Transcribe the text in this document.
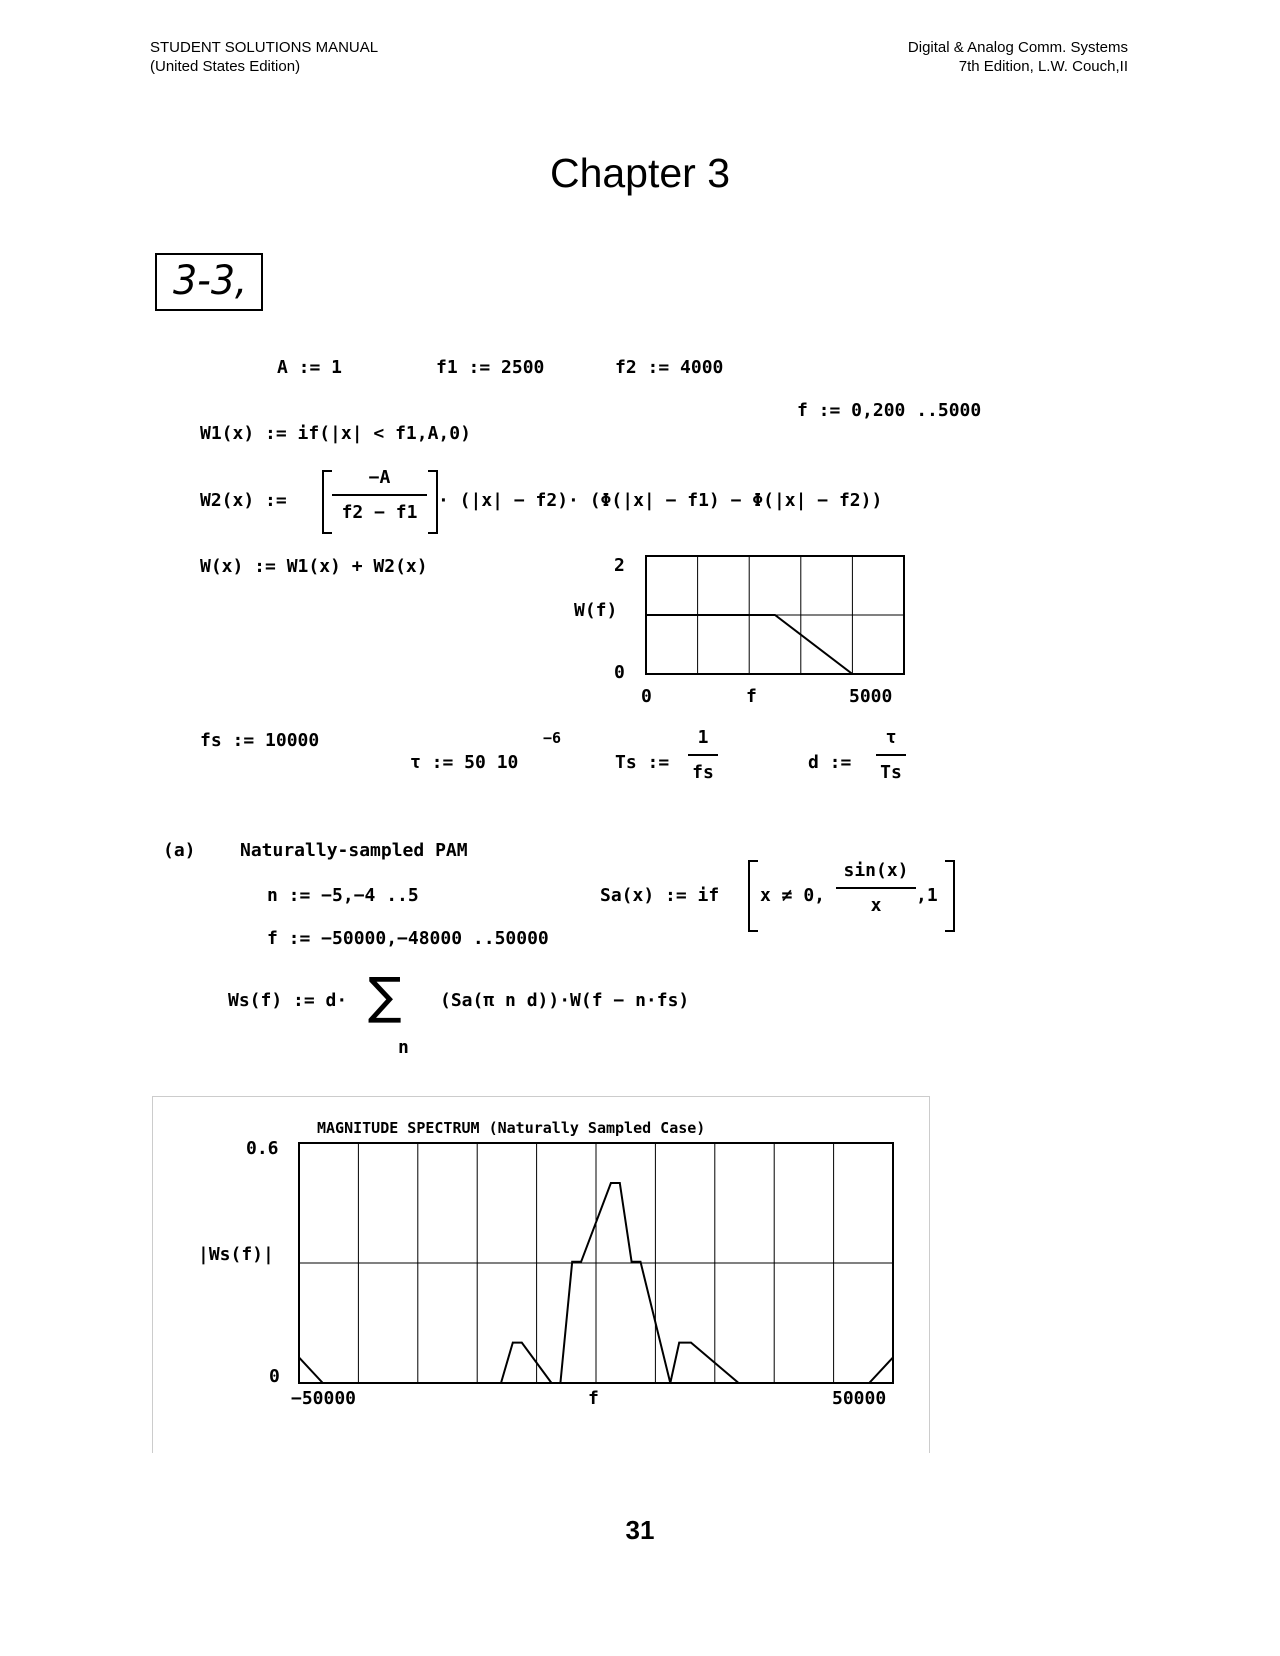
STUDENT SOLUTIONS MANUAL
(United States Edition)
Digital & Analog Comm. Systems
7th Edition, L.W. Couch,II
Chapter 3
3-3,
A := 1	f1 := 2500	f2 := 4000
f := 0,200 ..5000
W1(x) := if(|x| < f1,A,0)
W2(x) :=
−A
f2 − f1
· (|x| − f2)· (Φ(|x| − f1) − Φ(|x| − f2))
W(x) := W1(x) + W2(x)
W(f)
2
0
0	f	5000
fs := 10000	−6
τ := 50 10	Ts :=
1
fs	d :=
τ
Ts
(a) Naturally-sampled PAM
n := −5,−4 ..5
f := −50000,−48000 ..50000
Sa(x) := if x ≠ 0,
sin(x)
x ,1
Ws(f) := d· ∑
n
(Sa(π n d))·W(f − n·fs)
MAGNITUDE SPECTRUM (Naturally Sampled Case)
0.6
|Ws(f)|
0
−50000	f	50000
31
